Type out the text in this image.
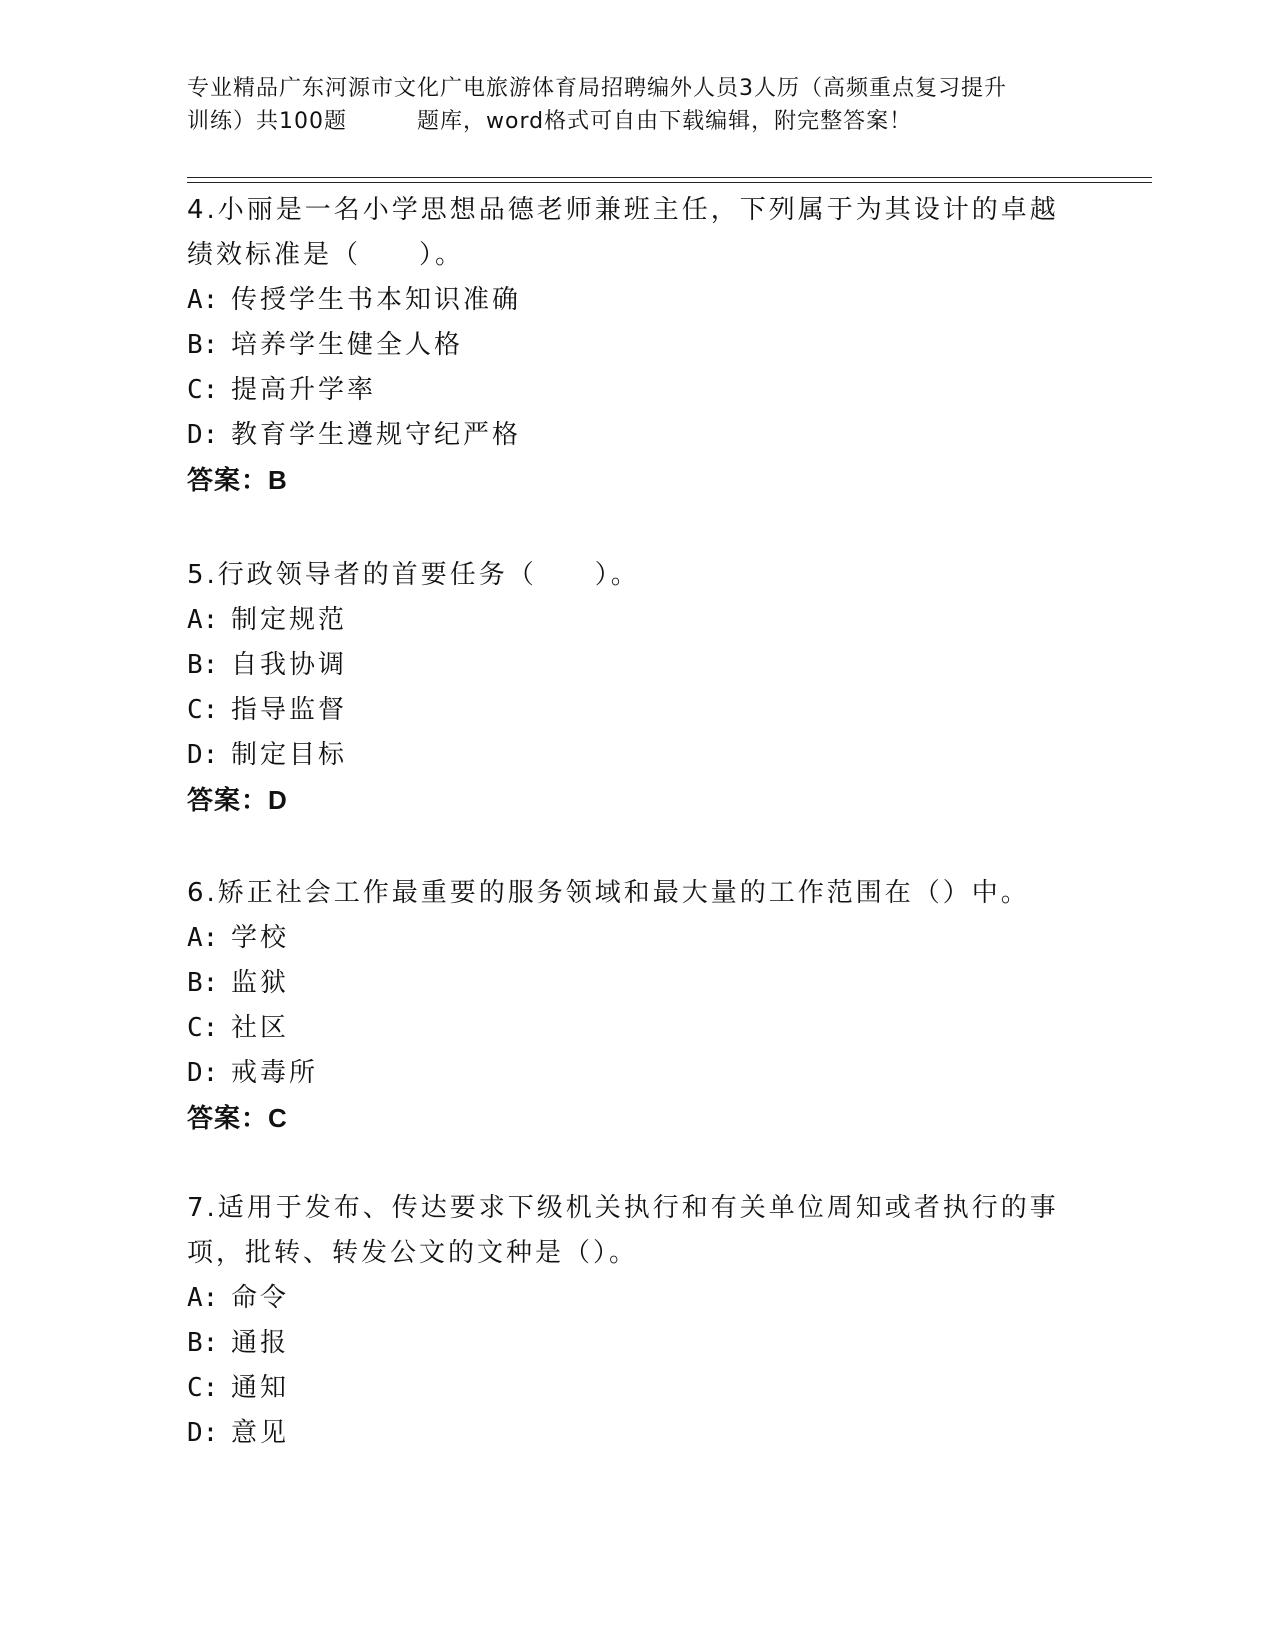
专业精品广东河源市文化广电旅游体育局招聘编外人员3人历（高频重点复习提升
训练）共100题	题库，word格式可自由下载编辑，附完整答案！

4.小丽是一名小学思想品德老师兼班主任，下列属于为其设计的卓越

绩效标准是（　　）。

A: 传授学生书本知识准确

B: 培养学生健全人格

C: 提高升学率

D: 教育学生遵规守纪严格

答案：B

5.行政领导者的首要任务（　　）。

A: 制定规范

B: 自我协调

C: 指导监督

D: 制定目标

答案：D

6.矫正社会工作最重要的服务领域和最大量的工作范围在（）中。

A: 学校

B: 监狱

C: 社区

D: 戒毒所

答案：C

7.适用于发布、传达要求下级机关执行和有关单位周知或者执行的事

项，批转、转发公文的文种是（）。

A: 命令

B: 通报

C: 通知

D: 意见
